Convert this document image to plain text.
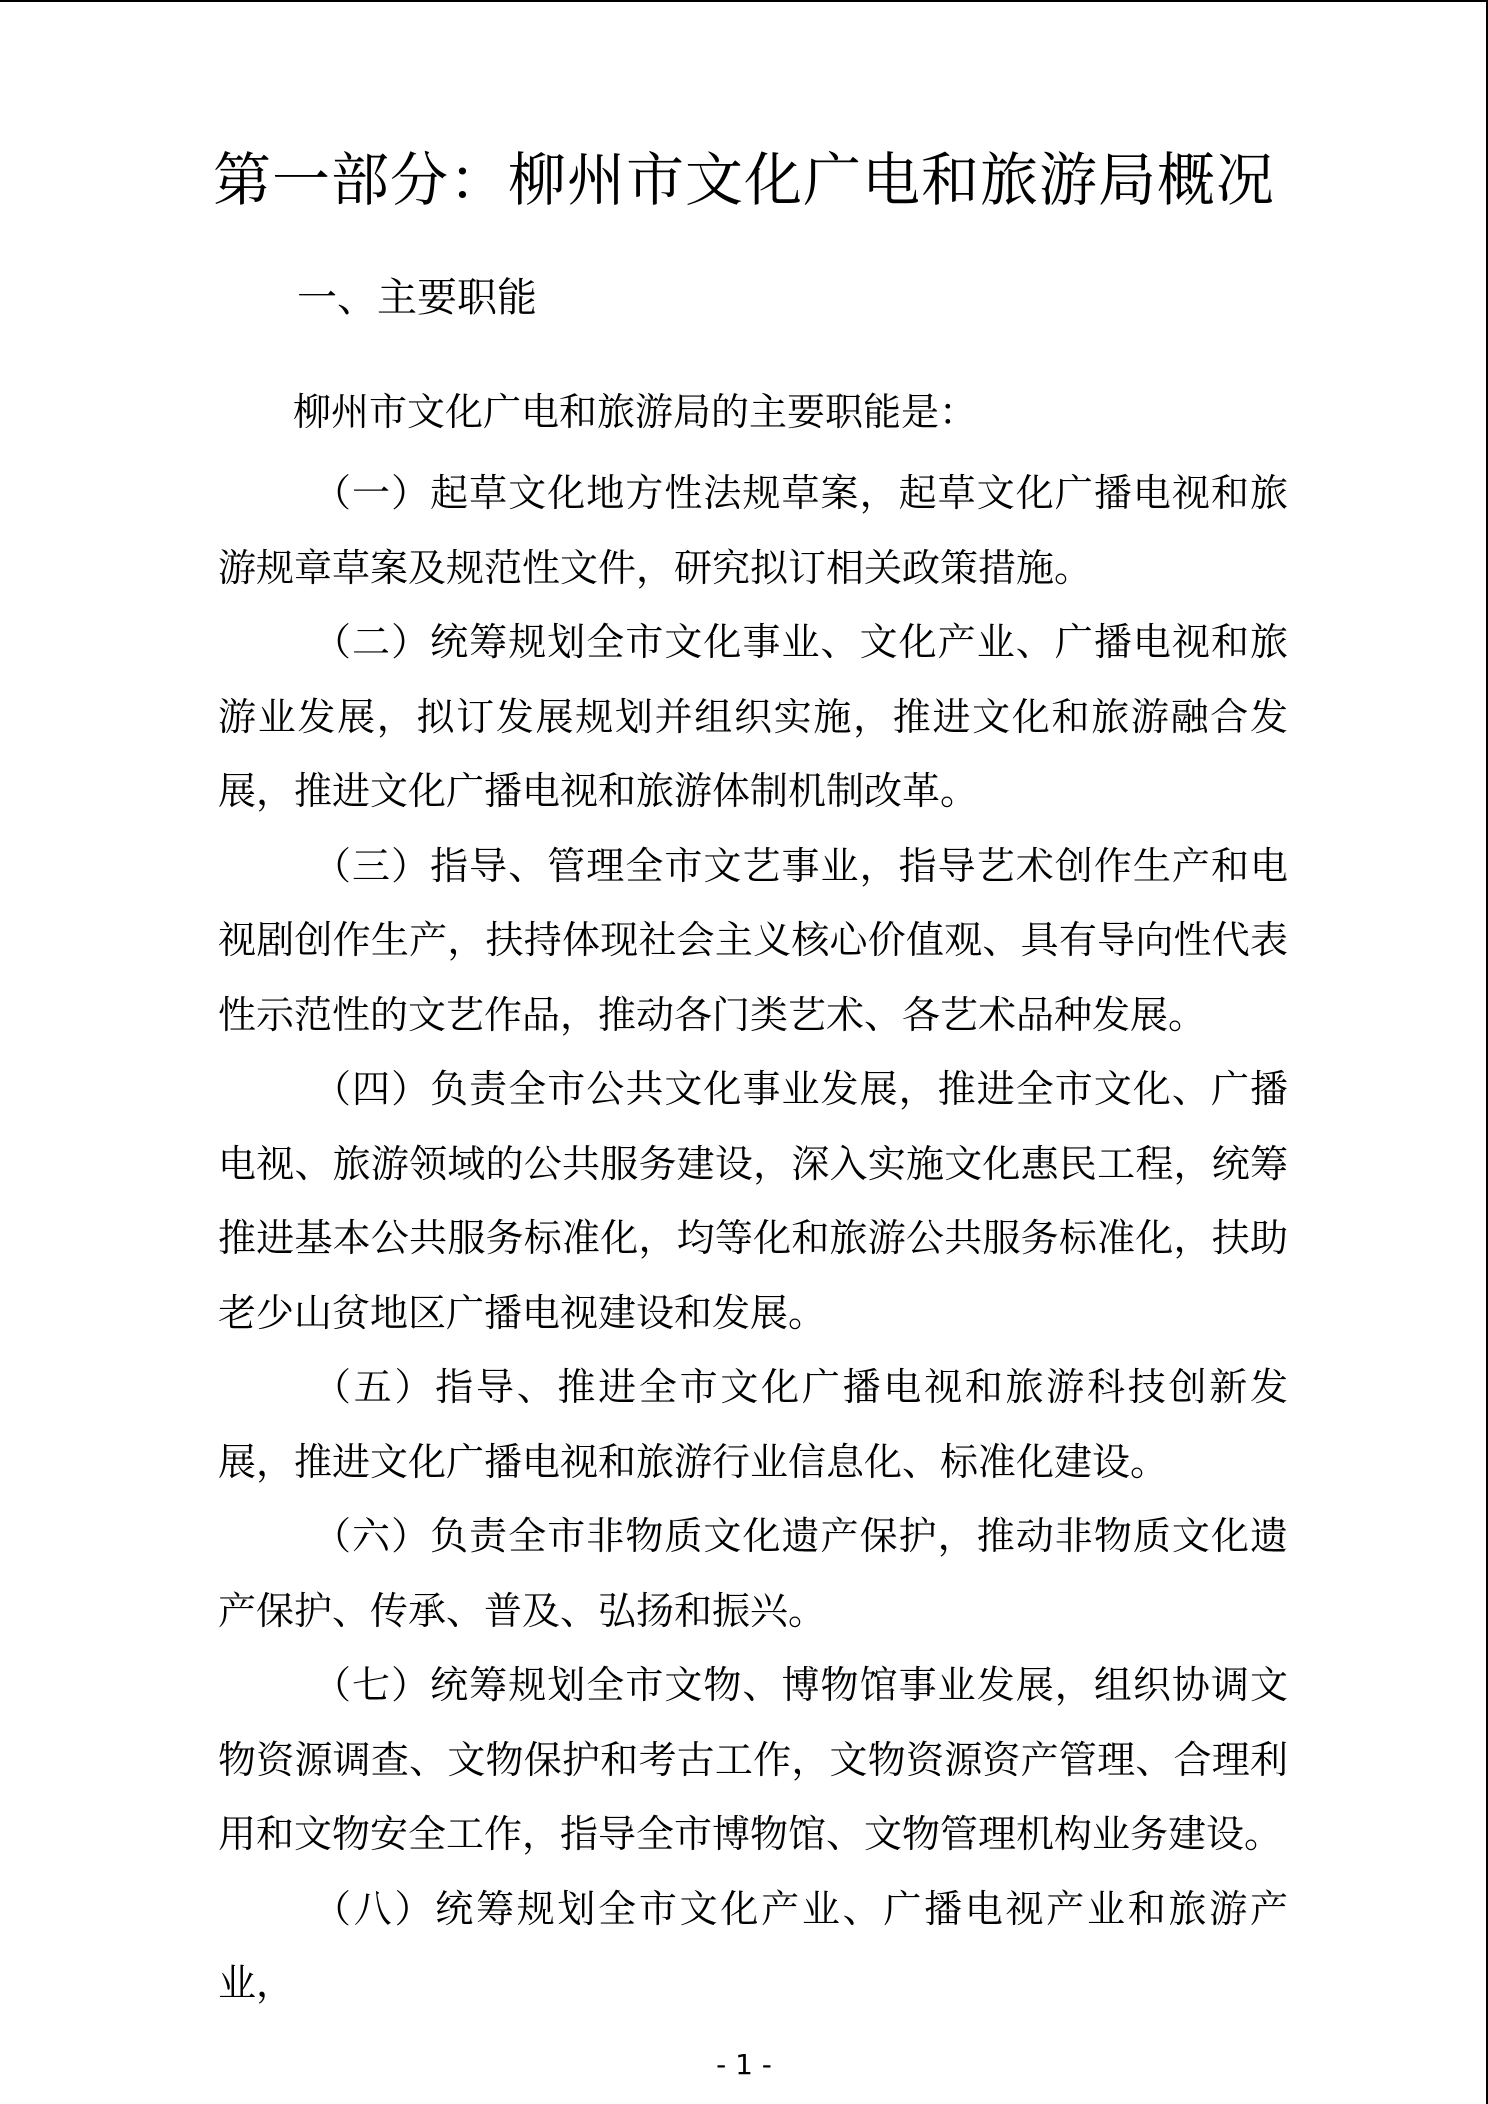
第一部分：柳州市文化广电和旅游局概况
一、主要职能
柳州市文化广电和旅游局的主要职能是：

（一）起草文化地方性法规草案，起草文化广播电视和旅游规章草案及规范性文件，研究拟订相关政策措施。

（二）统筹规划全市文化事业、文化产业、广播电视和旅游业发展，拟订发展规划并组织实施，推进文化和旅游融合发展，推进文化广播电视和旅游体制机制改革。

（三）指导、管理全市文艺事业，指导艺术创作生产和电视剧创作生产，扶持体现社会主义核心价值观、具有导向性代表性示范性的文艺作品，推动各门类艺术、各艺术品种发展。

（四）负责全市公共文化事业发展，推进全市文化、广播电视、旅游领域的公共服务建设，深入实施文化惠民工程，统筹推进基本公共服务标准化，均等化和旅游公共服务标准化，扶助老少山贫地区广播电视建设和发展。

（五）指导、推进全市文化广播电视和旅游科技创新发展，推进文化广播电视和旅游行业信息化、标准化建设。

（六）负责全市非物质文化遗产保护，推动非物质文化遗产保护、传承、普及、弘扬和振兴。

（七）统筹规划全市文物、博物馆事业发展，组织协调文物资源调查、文物保护和考古工作，文物资源资产管理、合理利用和文物安全工作，指导全市博物馆、文物管理机构业务建设。

（八）统筹规划全市文化产业、广播电视产业和旅游产业，

- 1 -
